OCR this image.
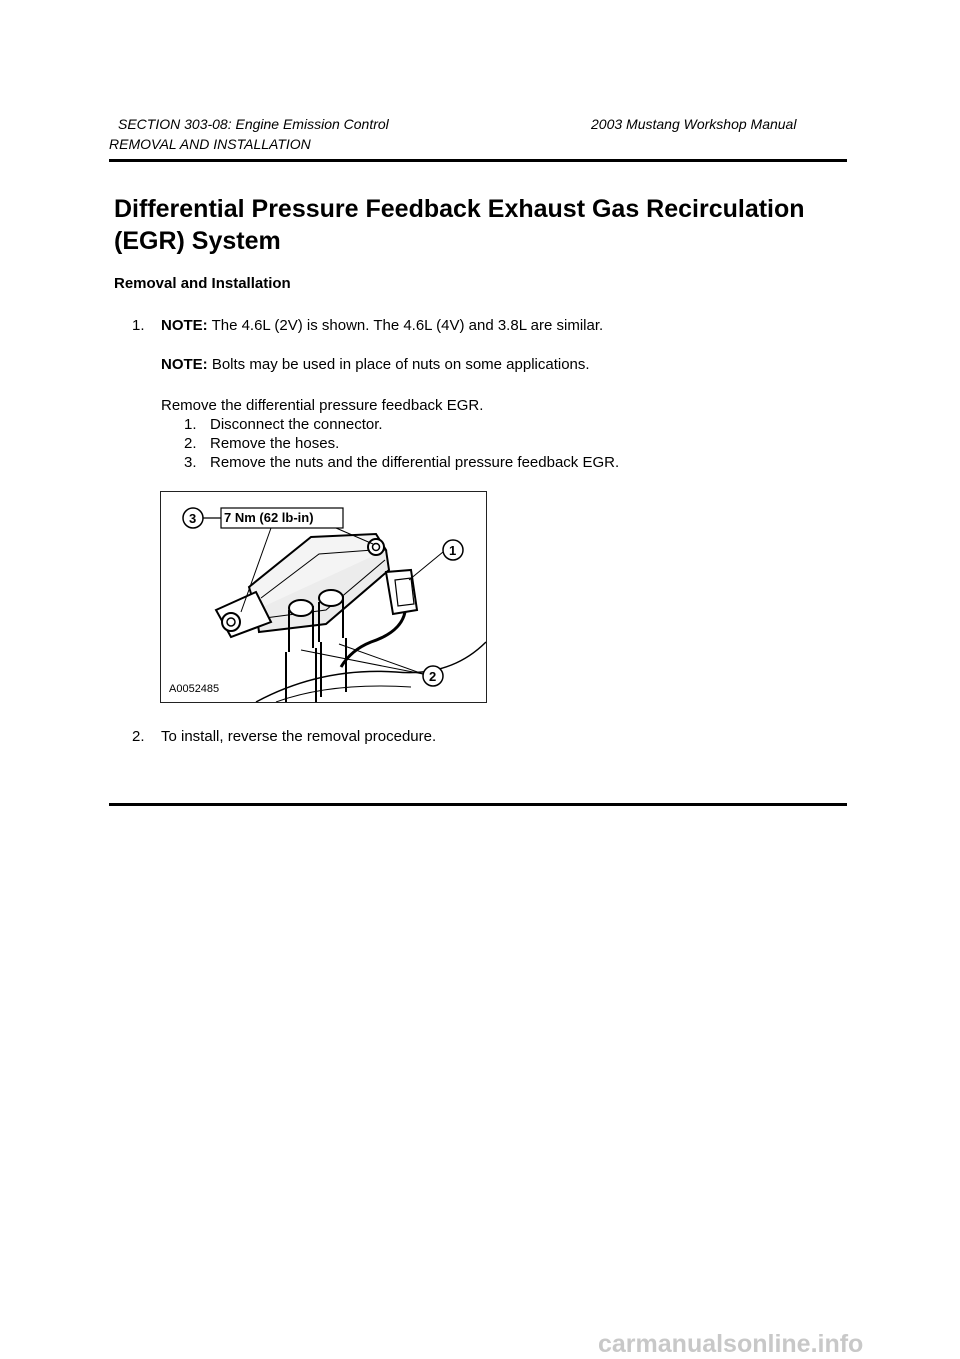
SECTION 303-08: Engine Emission Control	2003 Mustang Workshop Manual
REMOVAL AND INSTALLATION
Differential Pressure Feedback Exhaust Gas Recirculation (EGR) System
Removal and Installation
1. NOTE: The 4.6L (2V) is shown. The 4.6L (4V) and 3.8L are similar.
NOTE: Bolts may be used in place of nuts on some applications.
Remove the differential pressure feedback EGR.
1. Disconnect the connector.
2. Remove the hoses.
3. Remove the nuts and the differential pressure feedback EGR.
3
1
2
7 Nm (62 lb-in)
A0052485
2. To install, reverse the removal procedure.
carmanualsonline.info
